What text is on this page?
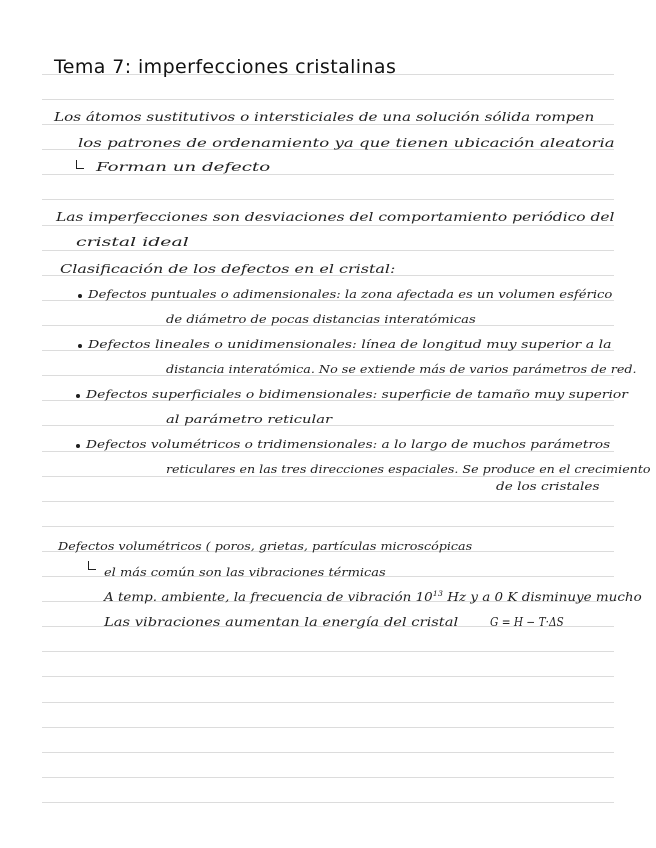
Tema 7: imperfecciones cristalinas
Los átomos sustitutivos o intersticiales de una solución sólida rompen
los patrones de ordenamiento ya que tienen ubicación aleatoria
Forman un defecto
Las imperfecciones son desviaciones del comportamiento periódico del
cristal ideal
Clasificación de los defectos en el cristal:
Defectos puntuales o adimensionales: la zona afectada es un volumen esférico
de diámetro de pocas distancias interatómicas
Defectos lineales o unidimensionales: línea de longitud muy superior a la
distancia interatómica. No se extiende más de varios parámetros de red.
Defectos superficiales o bidimensionales: superficie de tamaño muy superior
al parámetro reticular
Defectos volumétricos o tridimensionales: a lo largo de muchos parámetros
reticulares en las tres direcciones espaciales. Se produce en el crecimiento
de los cristales
Defectos volumétricos ( poros, grietas, partículas microscópicas
el más común son las vibraciones térmicas
A temp. ambiente, la frecuencia de vibración $10^{13}$ Hz y a 0 K disminuye mucho
Las vibraciones aumentan la energía del cristal	G = H − T·ΔS
